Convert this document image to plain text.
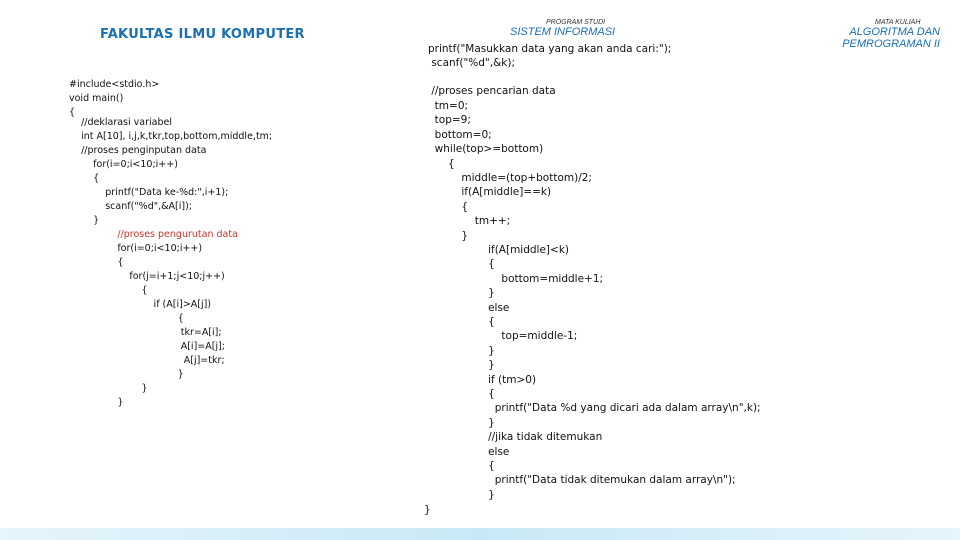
FAKULTAS ILMU KOMPUTER
PROGRAM STUDI
SISTEM INFORMASI
MATA KULIAH
ALGORITMA DAN PEMROGRAMAN II
#include<stdio.h>
void main()
{
//deklarasi variabel
int A[10], i,j,k,tkr,top,bottom,middle,tm;
//proses penginputan data
for(i=0;i<10;i++)
{
printf("Data ke-%d:",i+1);
scanf("%d",&A[i]);
}
//proses pengurutan data
for(i=0;i<10;i++)
{
for(j=i+1;j<10;j++)
{
if (A[i]>A[j])
{
tkr=A[i];
A[i]=A[j];
A[j]=tkr;
}
}
}
printf("Masukkan data yang akan anda cari:");
scanf("%d",&k);
//proses pencarian data
tm=0;
top=9;
bottom=0;
while(top>=bottom)
{
middle=(top+bottom)/2;
if(A[middle]==k)
{
tm++;
}
if(A[middle]<k)
{
bottom=middle+1;
}
else
{
top=middle-1;
}
}
if (tm>0)
{
printf("Data %d yang dicari ada dalam array\n",k);
}
//jika tidak ditemukan
else
{
printf("Data tidak ditemukan dalam array\n");
}
}
